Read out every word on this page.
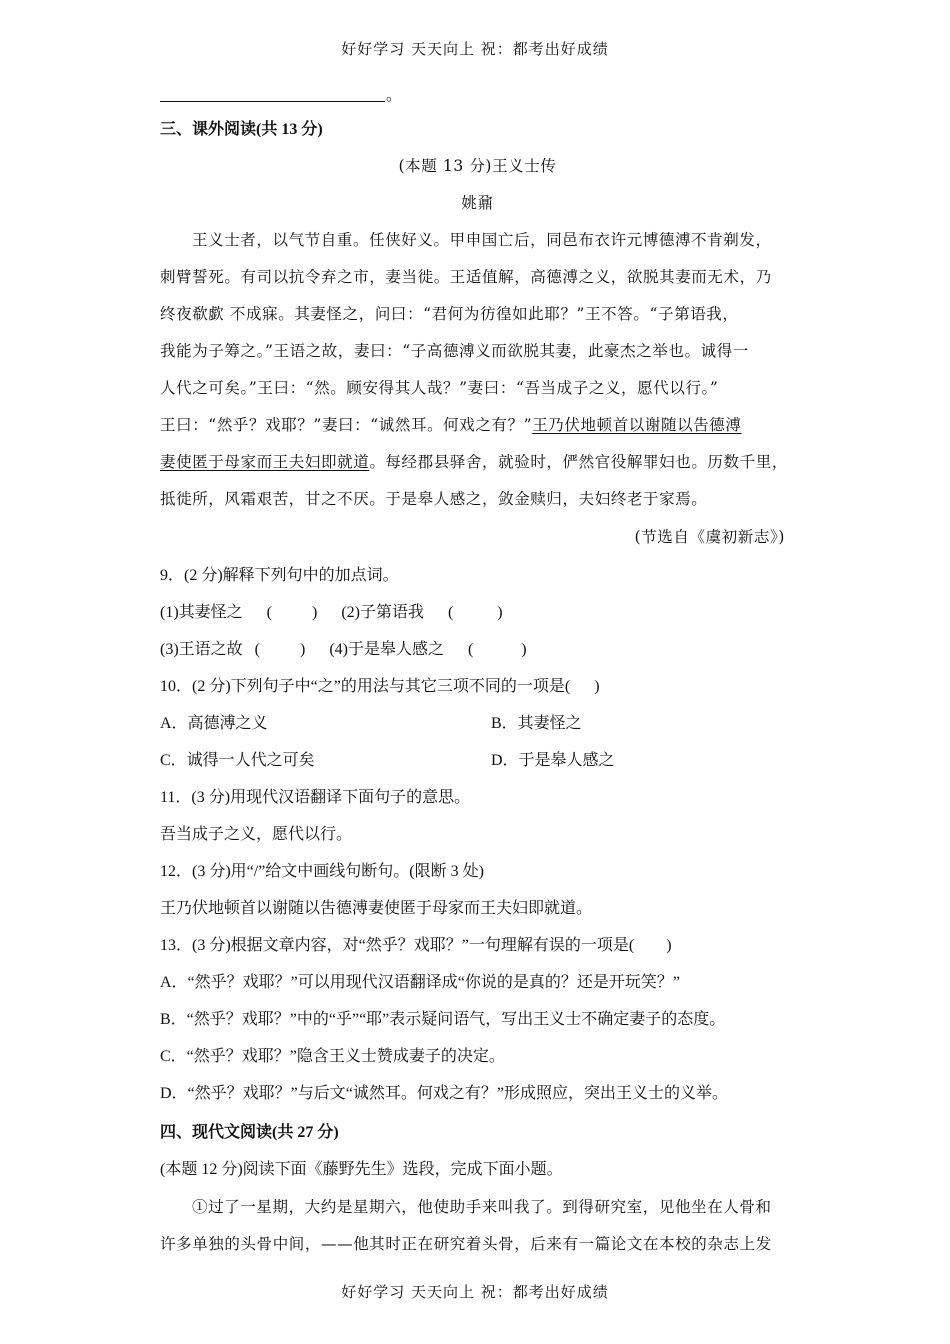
好好学习 天天向上 祝：都考出好成绩
。
三、课外阅读(共 13 分)
(本题 13 分)王义士传
姚鼐
王义士者，以气节自重。任侠好义。甲申国亡后，同邑布衣许元博德溥不肯剃发，
刺臂誓死。有司以抗令弃之市，妻当徙。王适值解，高德溥之义，欲脱其妻而无术，乃
终夜欷歔 不成寐。其妻怪之，问曰：“君何为彷徨如此耶？”王不答。“子第语我，
我能为子筹之。”王语之故，妻曰：“子高德溥义而欲脱其妻，此豪杰之举也。诚得一
人代之可矣。”王曰：“然。顾安得其人哉？”妻曰：“吾当成子之义，愿代以行。”
王曰：“然乎？戏耶？”妻曰：“诚然耳。何戏之有？”王乃伏地顿首以谢随以吿德溥
妻使匿于母家而王夫妇即就道。每经郡县驿舍，就验时，俨然官役解罪妇也。历数千里，
抵徙所，风霜艰苦，甘之不厌。于是皋人感之，敛金赎归，夫妇终老于家焉。
(节选自《虞初新志》)
9．(2 分)解释下列句中的加点词。
(1)其妻怪之      (          )      (2)子第语我      (           )
(3)王语之故   (          )      (4)于是皋人感之      (            )
10．(2 分)下列句子中“之”的用法与其它三项不同的一项是(      )
A．高德溥之义	B．其妻怪之
C．诚得一人代之可矣	D．于是皋人感之
11．(3 分)用现代汉语翻译下面句子的意思。
吾当成子之义，愿代以行。
12．(3 分)用“/”给文中画线句断句。(限断 3 处)
王乃伏地顿首以谢随以吿德溥妻使匿于母家而王夫妇即就道。
13．(3 分)根据文章内容，对“然乎？戏耶？”一句理解有误的一项是(        )
A．“然乎？戏耶？”可以用现代汉语翻译成“你说的是真的？还是开玩笑？”
B．“然乎？戏耶？”中的“乎”“耶”表示疑问语气，写出王义士不确定妻子的态度。
C．“然乎？戏耶？”隐含王义士赞成妻子的决定。
D．“然乎？戏耶？”与后文“诚然耳。何戏之有？”形成照应，突出王义士的义举。
四、现代文阅读(共 27 分)
(本题 12 分)阅读下面《藤野先生》选段，完成下面小题。
①过了一星期，大约是星期六，他使助手来叫我了。到得研究室，见他坐在人骨和
许多单独的头骨中间，——他其时正在研究着头骨，后来有一篇论文在本校的杂志上发
好好学习 天天向上 祝：都考出好成绩
